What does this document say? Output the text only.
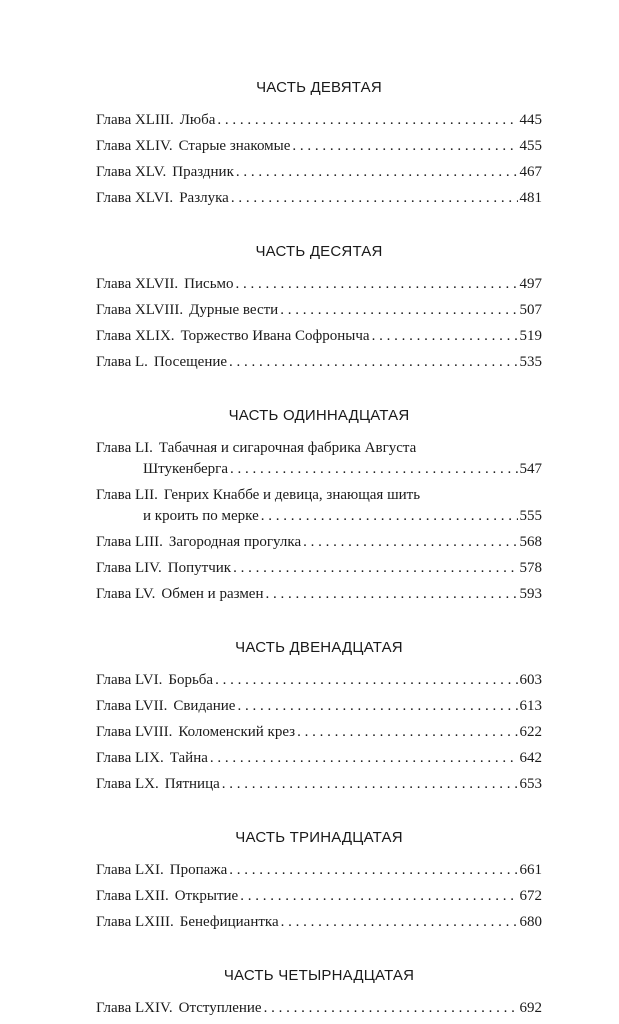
ЧАСТЬ ДЕВЯТАЯ
Глава XLIII. Люба . . .	445
Глава XLIV. Старые знакомые . . .	455
Глава XLV. Праздник . . .	467
Глава XLVI. Разлука . . .	481
ЧАСТЬ ДЕСЯТАЯ
Глава XLVII. Письмо . . .	497
Глава XLVIII. Дурные вести . . .	507
Глава XLIX. Торжество Ивана Софроныча . . .	519
Глава L. Посещение . . .	535
ЧАСТЬ ОДИННАДЦАТАЯ
Глава LI. Табачная и сигарочная фабрика Августа
Штукенберга . . .	547
Глава LII. Генрих Кнаббе и девица, знающая шить
и кроить по мерке . . .	555
Глава LIII. Загородная прогулка . . .	568
Глава LIV. Попутчик . . .	578
Глава LV. Обмен и размен . . .	593
ЧАСТЬ ДВЕНАДЦАТАЯ
Глава LVI. Борьба . . .	603
Глава LVII. Свидание . . .	613
Глава LVIII. Коломенский крез . . .	622
Глава LIX. Тайна . . .	642
Глава LX. Пятница . . .	653
ЧАСТЬ ТРИНАДЦАТАЯ
Глава LXI. Пропажа . . .	661
Глава LXII. Открытие . . .	672
Глава LXIII. Бенефициантка . . .	680
ЧАСТЬ ЧЕТЫРНАДЦАТАЯ
Глава LXIV. Отступление . . .	692
